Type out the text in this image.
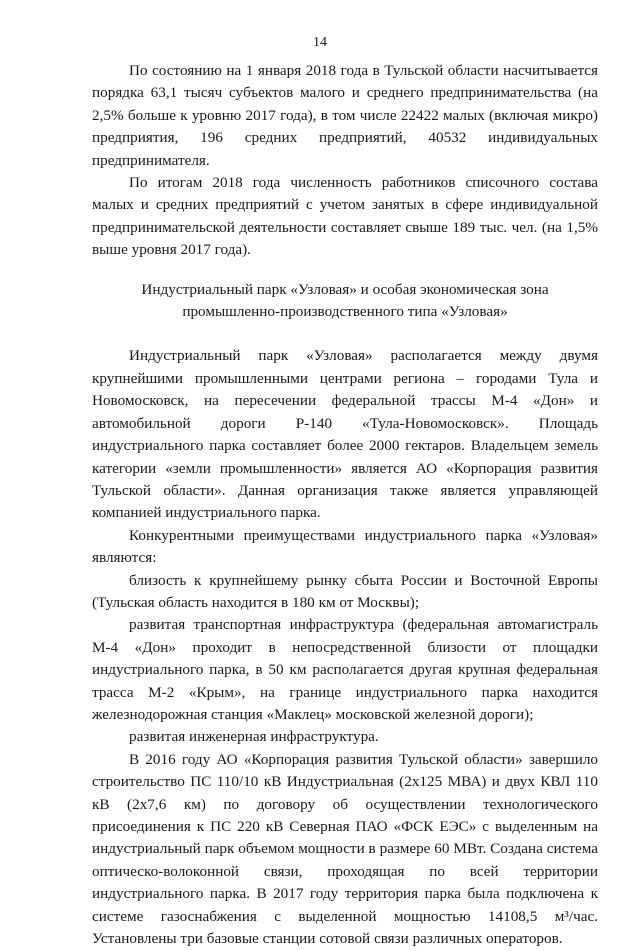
14

По состоянию на 1 января 2018 года в Тульской области насчитывается порядка 63,1 тысяч субъектов малого и среднего предпринимательства (на 2,5% больше к уровню 2017 года), в том числе 22422 малых (включая микро) предприятия, 196 средних предприятий, 40532 индивидуальных предпринимателя.

По итогам 2018 года численность работников списочного состава малых и средних предприятий с учетом занятых в сфере индивидуальной предпринимательской деятельности составляет свыше 189 тыс. чел. (на 1,5% выше уровня 2017 года).

Индустриальный парк «Узловая» и особая экономическая зона
промышленно-производственного типа «Узловая»

Индустриальный парк «Узловая» располагается между двумя крупнейшими промышленными центрами региона – городами Тула и Новомосковск, на пересечении федеральной трассы М-4 «Дон» и автомобильной дороги Р-140 «Тула-Новомосковск». Площадь индустриального парка составляет более 2000 гектаров. Владельцем земель категории «земли промышленности» является АО «Корпорация развития Тульской области». Данная организация также является управляющей компанией индустриального парка.

Конкурентными преимуществами индустриального парка «Узловая» являются:

близость к крупнейшему рынку сбыта России и Восточной Европы (Тульская область находится в 180 км от Москвы);

развитая транспортная инфраструктура (федеральная автомагистраль М-4 «Дон» проходит в непосредственной близости от площадки индустриального парка, в 50 км располагается другая крупная федеральная трасса М-2 «Крым», на границе индустриального парка находится железнодорожная станция «Маклец» московской железной дороги);

развитая инженерная инфраструктура.

В 2016 году АО «Корпорация развития Тульской области» завершило строительство ПС 110/10 кВ Индустриальная (2х125 МВА) и двух КВЛ 110 кВ (2х7,6 км) по договору об осуществлении технологического присоединения к ПС 220 кВ Северная ПАО «ФСК ЕЭС» с выделенным на индустриальный парк объемом мощности в размере 60 МВт. Создана система оптическо-волоконной связи, проходящая по всей территории индустриального парка. В 2017 году территория парка была подключена к системе газоснабжения с выделенной мощностью 14108,5 м³/час. Установлены три базовые станции сотовой связи различных операторов.
